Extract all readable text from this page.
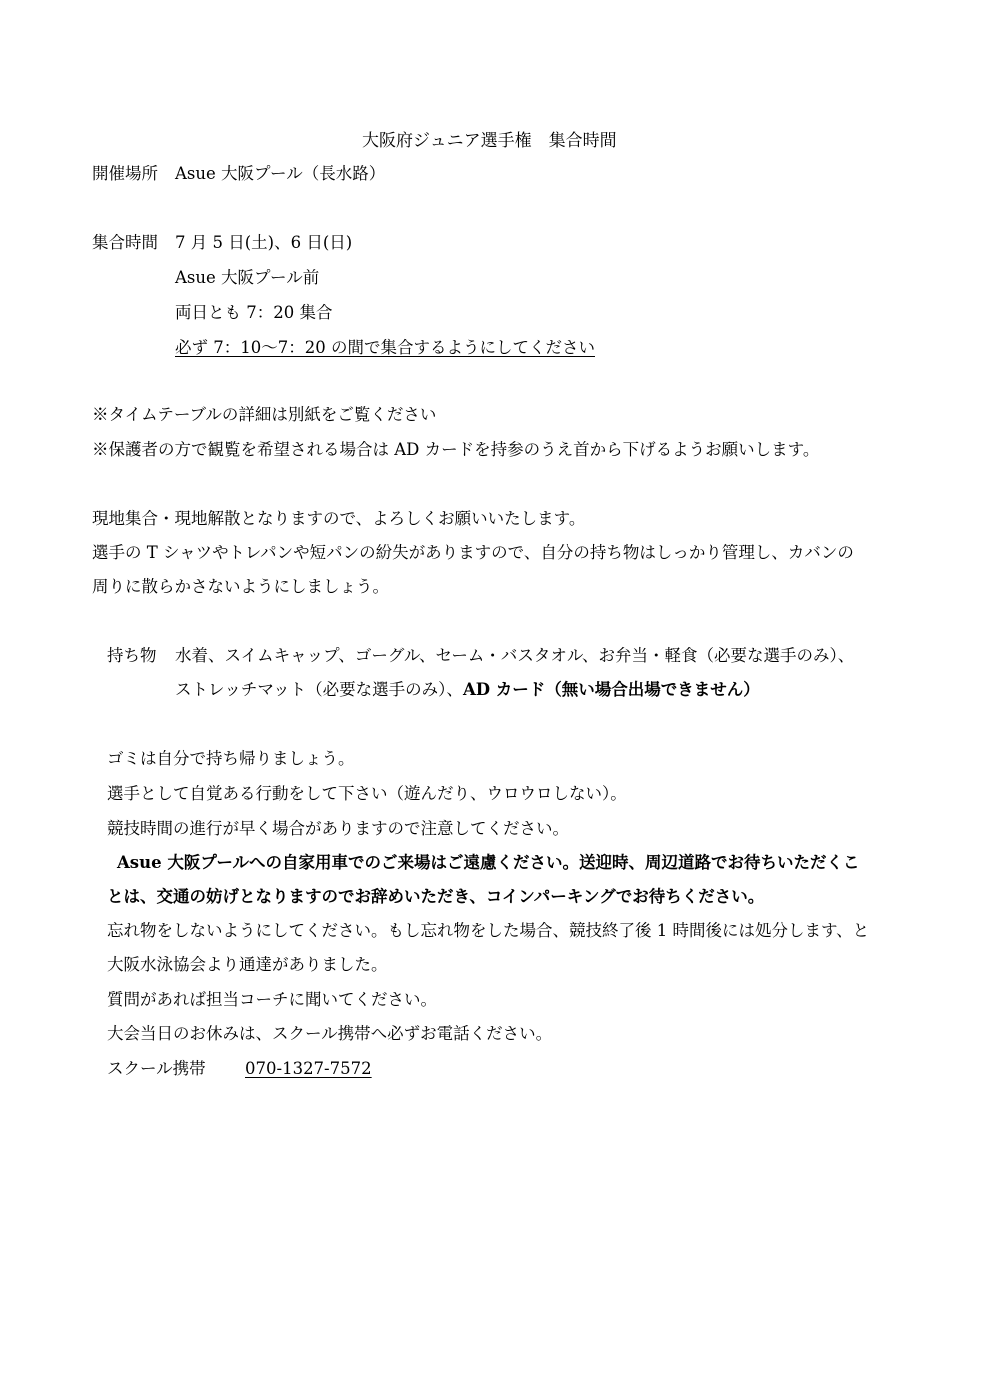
大阪府ジュニア選手権　集合時間
開催場所 Asue 大阪プール（長水路）
集合時間 7 月 5 日(土)、6 日(日)
Asue 大阪プール前
両日とも 7：20 集合
必ず 7：10～7：20 の間で集合するようにしてください
※タイムテーブルの詳細は別紙をご覧ください
※保護者の方で観覧を希望される場合は AD カードを持参のうえ首から下げるようお願いします。
現地集合・現地解散となりますので、よろしくお願いいたします。
選手の T シャツやトレパンや短パンの紛失がありますので、自分の持ち物はしっかり管理し、カバンの
周りに散らかさないようにしましょう。
持ち物 水着、スイムキャップ、ゴーグル、セーム・バスタオル、お弁当・軽食（必要な選手のみ）、
ストレッチマット（必要な選手のみ）、AD カード（無い場合出場できません）
ゴミは自分で持ち帰りましょう。
選手として自覚ある行動をして下さい（遊んだり、ウロウロしない）。
競技時間の進行が早く場合がありますので注意してください。
Asue 大阪プールへの自家用車でのご来場はご遠慮ください。送迎時、周辺道路でお待ちいただくこ
とは、交通の妨げとなりますのでお辞めいただき、コインパーキングでお待ちください。
忘れ物をしないようにしてください。もし忘れ物をした場合、競技終了後 1 時間後には処分します、と
大阪水泳協会より通達がありました。
質問があれば担当コーチに聞いてください。
大会当日のお休みは、スクール携帯へ必ずお電話ください。
スクール携帯 070-1327-7572
